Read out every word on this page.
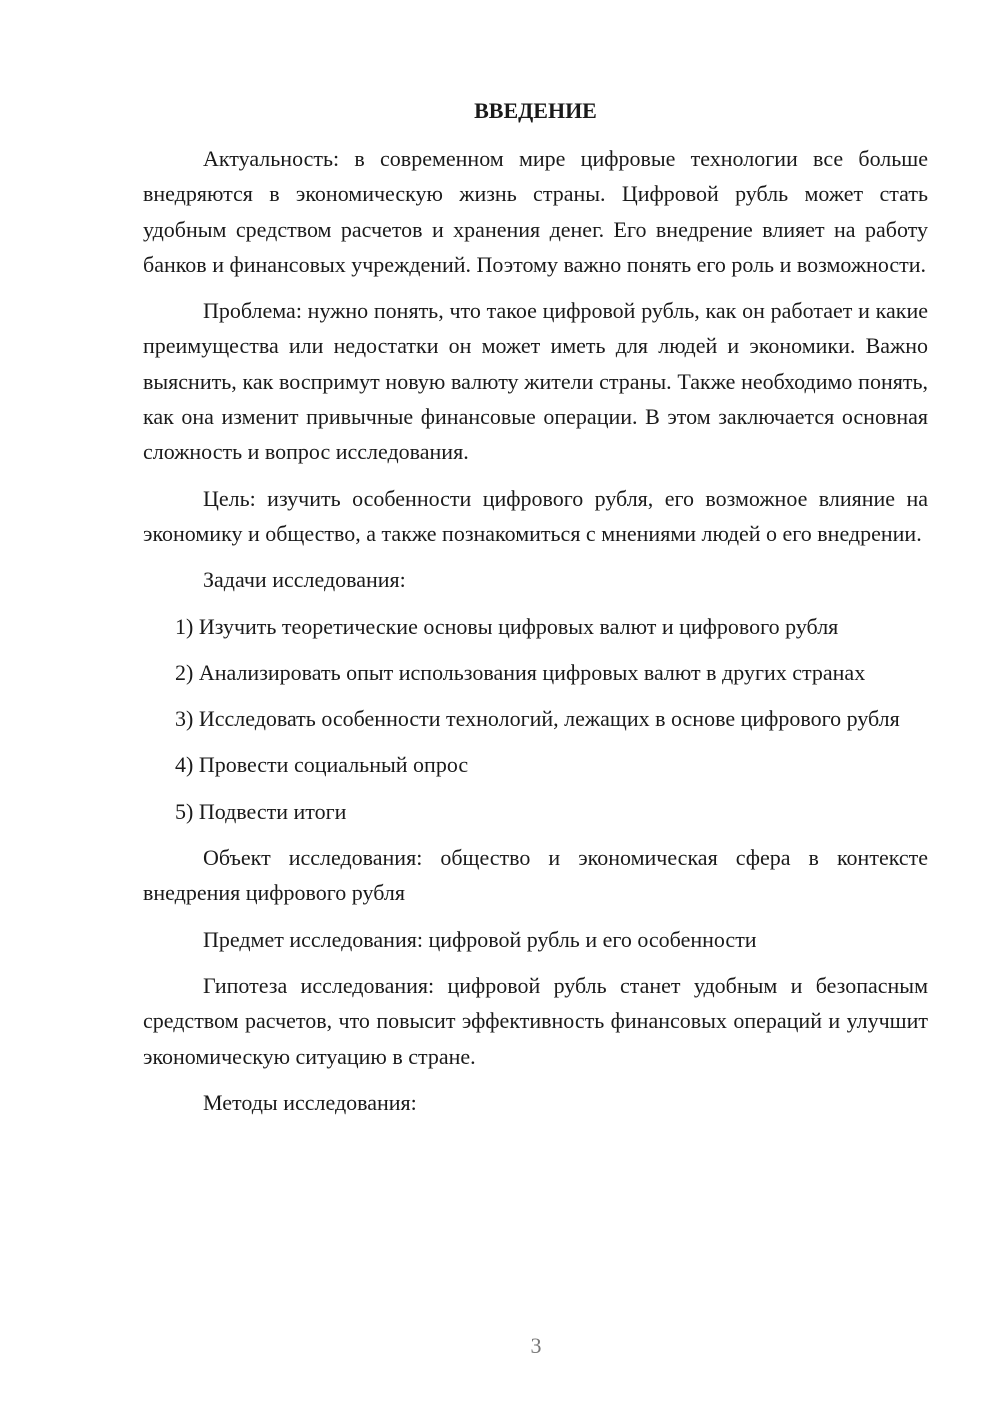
ВВЕДЕНИЕ

Актуальность: в современном мире цифровые технологии все больше внедряются в экономическую жизнь страны. Цифровой рубль может стать удобным средством расчетов и хранения денег. Его внедрение влияет на работу банков и финансовых учреждений. Поэтому важно понять его роль и возможности.

Проблема: нужно понять, что такое цифровой рубль, как он работает и какие преимущества или недостатки он может иметь для людей и экономики. Важно выяснить, как воспримут новую валюту жители страны. Также необходимо понять, как она изменит привычные финансовые операции. В этом заключается основная сложность и вопрос исследования.

Цель: изучить особенности цифрового рубля, его возможное влияние на экономику и общество, а также познакомиться с мнениями людей о его внедрении.

Задачи исследования:

1) Изучить теоретические основы цифровых валют и цифрового рубля

2) Анализировать опыт использования цифровых валют в других странах

3) Исследовать особенности технологий, лежащих в основе цифрового рубля

4) Провести социальный опрос

5) Подвести итоги

Объект исследования: общество и экономическая сфера в контексте внедрения цифрового рубля

Предмет исследования: цифровой рубль и его особенности

Гипотеза исследования: цифровой рубль станет удобным и безопасным средством расчетов, что повысит эффективность финансовых операций и улучшит экономическую ситуацию в стране.

Методы исследования:

3
